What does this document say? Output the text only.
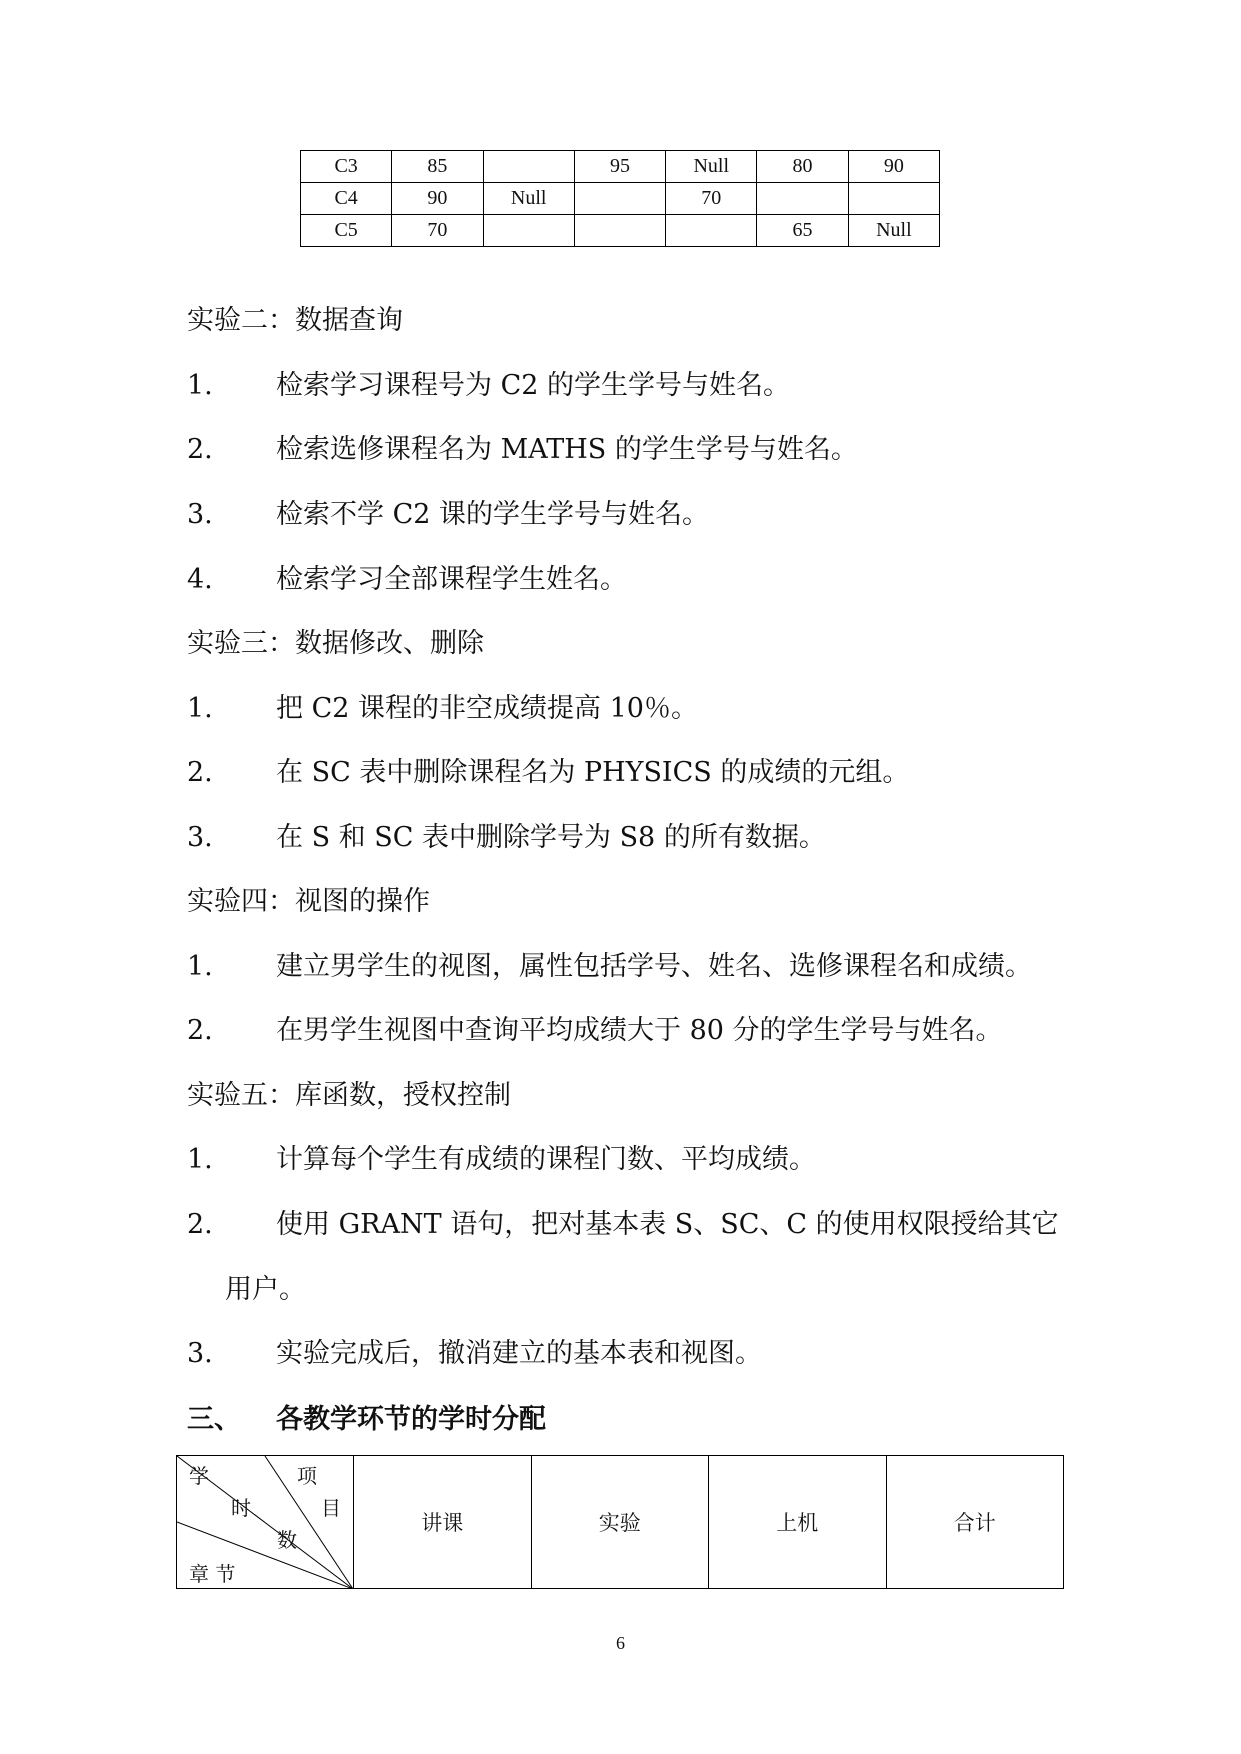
C3	85		95	Null	80	90
C4	90	Null		70		
C5	70				65	Null
实验二：数据查询
1. 检索学习课程号为 C2 的学生学号与姓名。
2. 检索选修课程名为 MATHS 的学生学号与姓名。
3. 检索不学 C2 课的学生学号与姓名。
4. 检索学习全部课程学生姓名。
实验三：数据修改、删除
1. 把 C2 课程的非空成绩提高 10％。
2. 在 SC 表中删除课程名为 PHYSICS 的成绩的元组。
3. 在 S 和 SC 表中删除学号为 S8 的所有数据。
实验四：视图的操作
1. 建立男学生的视图，属性包括学号、姓名、选修课程名和成绩。
2. 在男学生视图中查询平均成绩大于 80 分的学生学号与姓名。
实验五：库函数，授权控制
1. 计算每个学生有成绩的课程门数、平均成绩。
2. 使用 GRANT 语句，把对基本表 S、SC、C 的使用权限授给其它
用户。
3. 实验完成后，撤消建立的基本表和视图。
三、 各教学环节的学时分配
学
时
数
项
目
章 节
	讲课	实验	上机	合计
6
